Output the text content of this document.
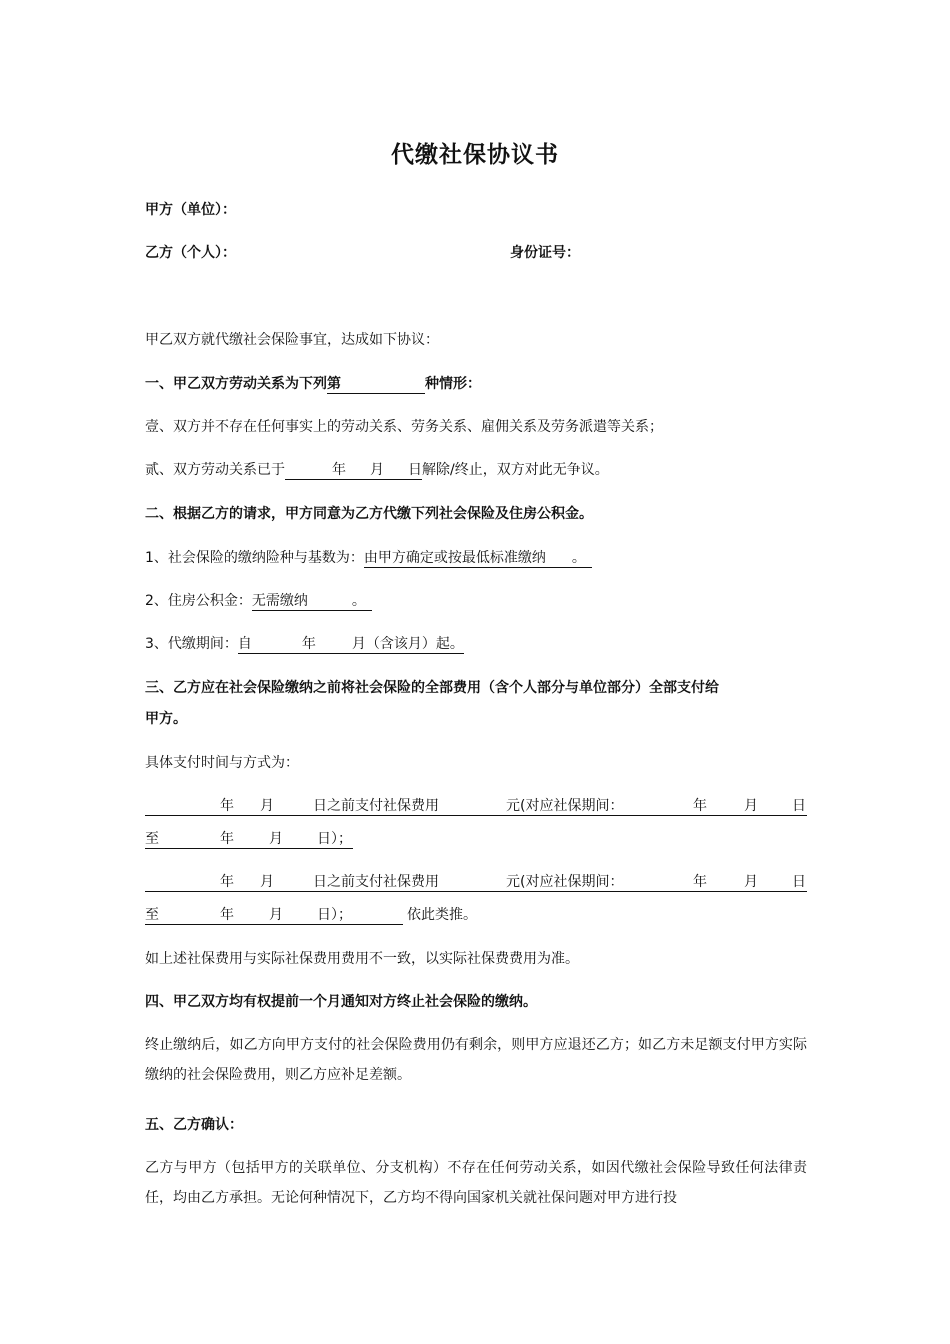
代缴社保协议书
甲方（单位）：
乙方（个人）：	身份证号：
甲乙双方就代缴社会保险事宜，达成如下协议：
一、甲乙双方劳动关系为下列第	种情形：
壹、双方并不存在任何事实上的劳动关系、劳务关系、雇佣关系及劳务派遣等关系；
贰、双方劳动关系已于	年 月 日解除/终止，双方对此无争议。
二、根据乙方的请求，甲方同意为乙方代缴下列社会保险及住房公积金。
1、社会保险的缴纳险种与基数为：由甲方确定或按最低标准缴纳 。
2、住房公积金：无需缴纳	。
3、代缴期间：自	年	月（含该月）起。
三、乙方应在社会保险缴纳之前将社会保险的全部费用（含个人部分与单位部分）全部支付给
甲方。
具体支付时间与方式为：
年 月	日之前支付社保费用	元(对应社保期间：	年	月 日
至	年	月 日）；
年 月	日之前支付社保费用	元(对应社保期间：	年	月 日
至	年	月 日）；	依此类推。
如上述社保费用与实际社保费用费用不一致，以实际社保费费用为准。
四、甲乙双方均有权提前一个月通知对方终止社会保险的缴纳。
终止缴纳后，如乙方向甲方支付的社会保险费用仍有剩余，则甲方应退还乙方；如乙方未足额支付甲方实际缴纳的社会保险费用，则乙方应补足差额。
五、乙方确认：
乙方与甲方（包括甲方的关联单位、分支机构）不存在任何劳动关系，如因代缴社会保险导致任何法律责任，均由乙方承担。无论何种情况下，乙方均不得向国家机关就社保问题对甲方进行投
